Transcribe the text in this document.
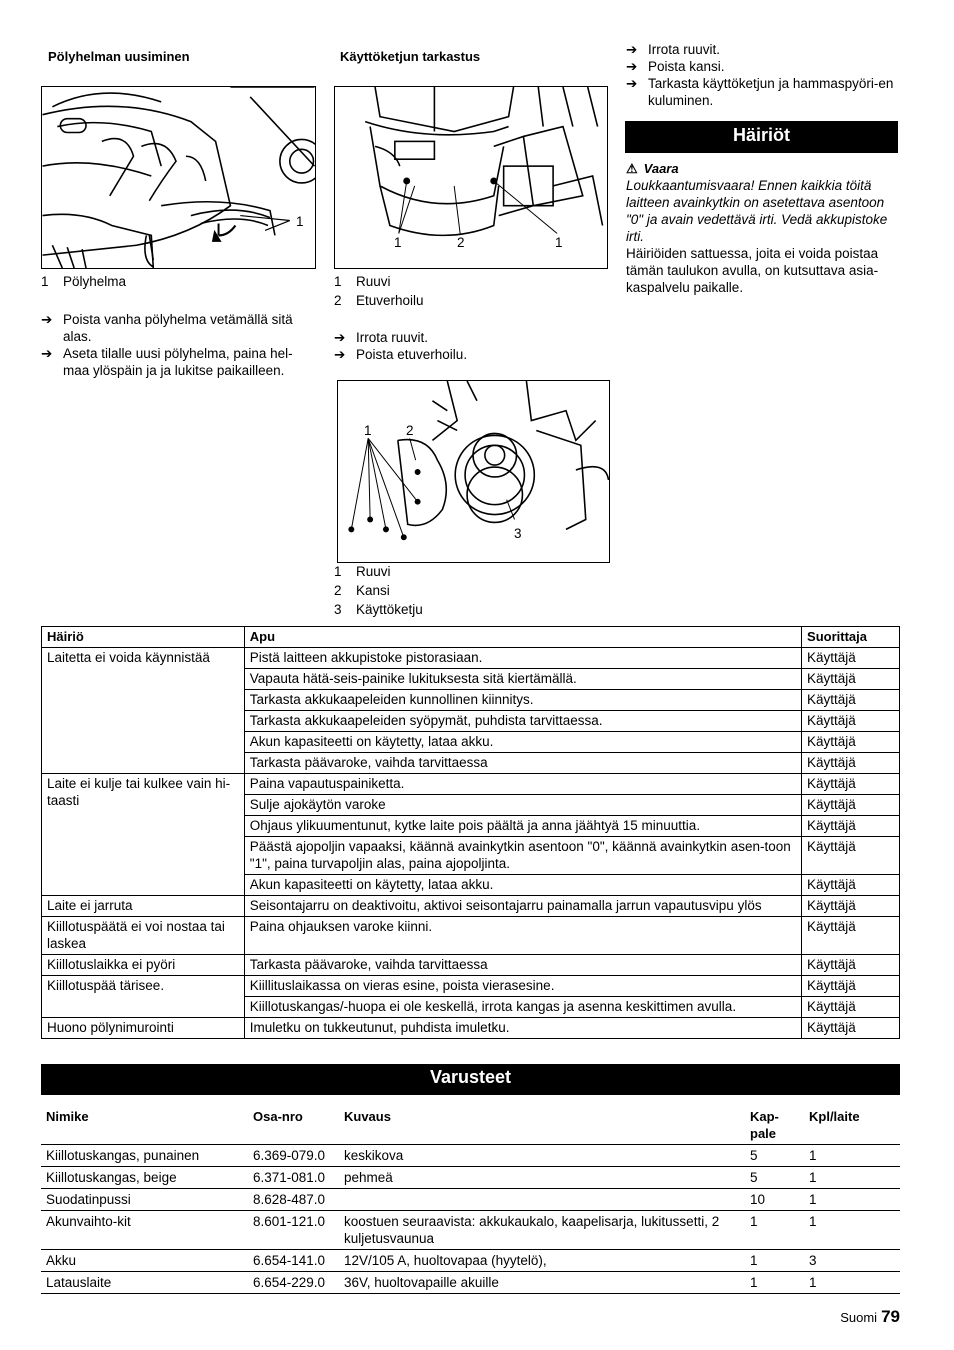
Pölyhelman uusiminen
1
1	Pölyhelma
➔ Poista vanha pölyhelma vetämällä sitä alas.
➔ Aseta tilalle uusi pölyhelma, paina hel-maa ylöspäin ja ja lukitse paikailleen.
Käyttöketjun tarkastus
1	2	1
1	Ruuvi
2	Etuverhoilu
➔ Irrota ruuvit.
➔ Poista etuverhoilu.
1	2
3
1	Ruuvi
2	Kansi
3	Käyttöketju
➔ Irrota ruuvit.
➔ Poista kansi.
➔ Tarkasta käyttöketjun ja hammaspyöri-en kuluminen.
Häiriöt
⚠ Vaara
Loukkaantumisvaara! Ennen kaikkia töitä laitteen avainkytkin on asetettava asentoon "0" ja avain vedettävä irti. Vedä akkupistoke irti.
Häiriöiden sattuessa, joita ei voida poistaa tämän taulukon avulla, on kutsuttava asia-kaspalvelu paikalle.
Häiriö	Apu	Suorittaja
Laitetta ei voida käynnistää	Pistä laitteen akkupistoke pistorasiaan.	Käyttäjä
	Vapauta hätä-seis-painike lukituksesta sitä kiertämällä.	Käyttäjä
	Tarkasta akkukaapeleiden kunnollinen kiinnitys.	Käyttäjä
	Tarkasta akkukaapeleiden syöpymät, puhdista tarvittaessa.	Käyttäjä
	Akun kapasiteetti on käytetty, lataa akku.	Käyttäjä
	Tarkasta päävaroke, vaihda tarvittaessa	Käyttäjä
Laite ei kulje tai kulkee vain hi-taasti	Paina vapautuspainiketta.	Käyttäjä
	Sulje ajokäytön varoke	Käyttäjä
	Ohjaus ylikuumentunut, kytke laite pois päältä ja anna jäähtyä 15 minuuttia.	Käyttäjä
	Päästä ajopoljin vapaaksi, käännä avainkytkin asentoon "0", käännä avainkytkin asen-toon "1", paina turvapoljin alas, paina ajopoljinta.	Käyttäjä
	Akun kapasiteetti on käytetty, lataa akku.	Käyttäjä
Laite ei jarruta	Seisontajarru on deaktivoitu, aktivoi seisontajarru painamalla jarrun vapautusvipu ylös	Käyttäjä
Kiillotuspäätä ei voi nostaa tai laskea	Paina ohjauksen varoke kiinni.	Käyttäjä
Kiillotuslaikka ei pyöri	Tarkasta päävaroke, vaihda tarvittaessa	Käyttäjä
Kiillotuspää tärisee.	Kiillituslaikassa on vieras esine, poista vierasesine.	Käyttäjä
	Kiillotuskangas/-huopa ei ole keskellä, irrota kangas ja asenna keskittimen avulla.	Käyttäjä
Huono pölynimurointi	Imuletku on tukkeutunut, puhdista imuletku.	Käyttäjä
Varusteet
Nimike	Osa-nro	Kuvaus	Kap-pale	Kpl/laite
Kiillotuskangas, punainen	6.369-079.0	keskikova	5	1
Kiillotuskangas, beige	6.371-081.0	pehmeä	5	1
Suodatinpussi	8.628-487.0		10	1
Akunvaihto-kit	8.601-121.0	koostuen seuraavista: akkukaukalo, kaapelisarja, lukitussetti, 2 kuljetusvaunua	1	1
Akku	6.654-141.0	12V/105 A, huoltovapaa (hyytelö),	1	3
Latauslaite	6.654-229.0	36V, huoltovapaille akuille	1	1
Suomi 79
